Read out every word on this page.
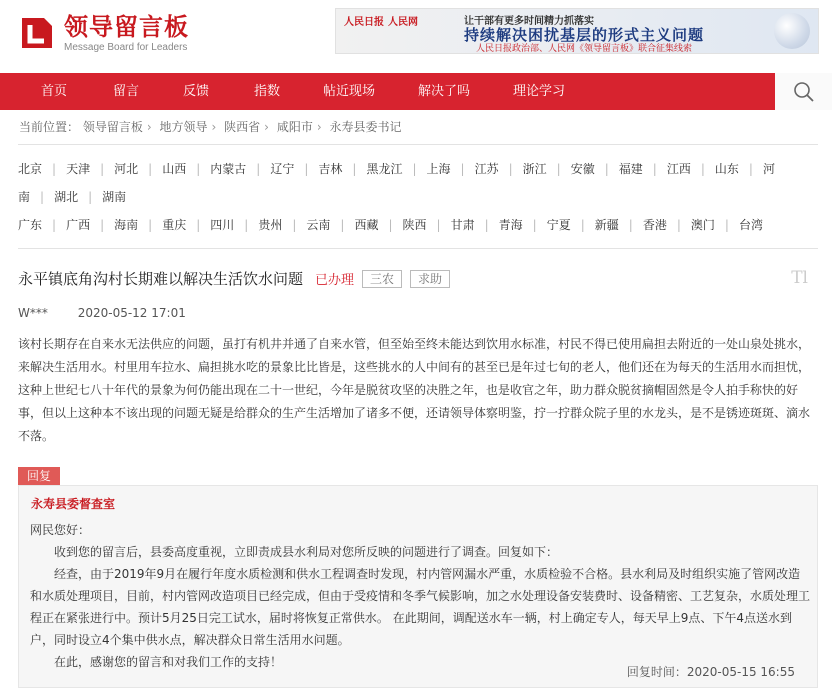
领导留言板
Message Board for Leaders
人民日报 人民网	让干部有更多时间精力抓落实
持续解决困扰基层的形式主义问题
人民日报政治部、人民网《领导留言板》联合征集线索
首页	留言	反馈	指数	帖近现场	解决了吗	理论学习
当前位置： 领导留言板 › 地方领导 › 陕西省 › 咸阳市 › 永寿县委书记
北京 | 天津 | 河北 | 山西 | 内蒙古 | 辽宁 | 吉林 | 黑龙江 | 上海 | 江苏 | 浙江 | 安徽 | 福建 | 江西 | 山东 | 河
南 | 湖北 | 湖南
广东 | 广西 | 海南 | 重庆 | 四川 | 贵州 | 云南 | 西藏 | 陕西 | 甘肃 | 青海 | 宁夏 | 新疆 | 香港 | 澳门 | 台湾
永平镇底角沟村长期难以解决生活饮水问题 已办理	三农	求助	Tl
W*** 2020-05-12 17:01
该村长期存在自来水无法供应的问题，虽打有机井并通了自来水管，但至始至终未能达到饮用水标准，村民不得已使用扁担去附近的一处山泉处挑水，来解决生活用水。村里用车拉水、扁担挑水吃的景象比比皆是，这些挑水的人中间有的甚至已是年过七旬的老人，他们还在为每天的生活用水而担忧，这种上世纪七八十年代的景象为何仍能出现在二十一世纪，今年是脱贫攻坚的决胜之年，也是收官之年，助力群众脱贫摘帽固然是令人拍手称快的好事，但以上这种本不该出现的问题无疑是给群众的生产生活增加了诸多不便，还请领导体察明鉴，拧一拧群众院子里的水龙头，是不是锈迹斑斑、滴水不落。
回复
永寿县委督查室

网民您好：

收到您的留言后，县委高度重视，立即责成县水利局对您所反映的问题进行了调查。回复如下：

经查，由于2019年9月在履行年度水质检测和供水工程调查时发现，村内管网漏水严重，水质检验不合格。县水利局及时组织实施了管网改造和水质处理项目，目前，村内管网改造项目已经完成，但由于受疫情和冬季气候影响，加之水处理设备安装费时、设备精密、工艺复杂，水质处理工程正在紧张进行中。预计5月25日完工试水，届时将恢复正常供水。 在此期间，调配送水车一辆，村上确定专人，每天早上9点、下午4点送水到户，同时设立4个集中供水点，解决群众日常生活用水问题。

在此，感谢您的留言和对我们工作的支持！

回复时间：2020-05-15 16:55
